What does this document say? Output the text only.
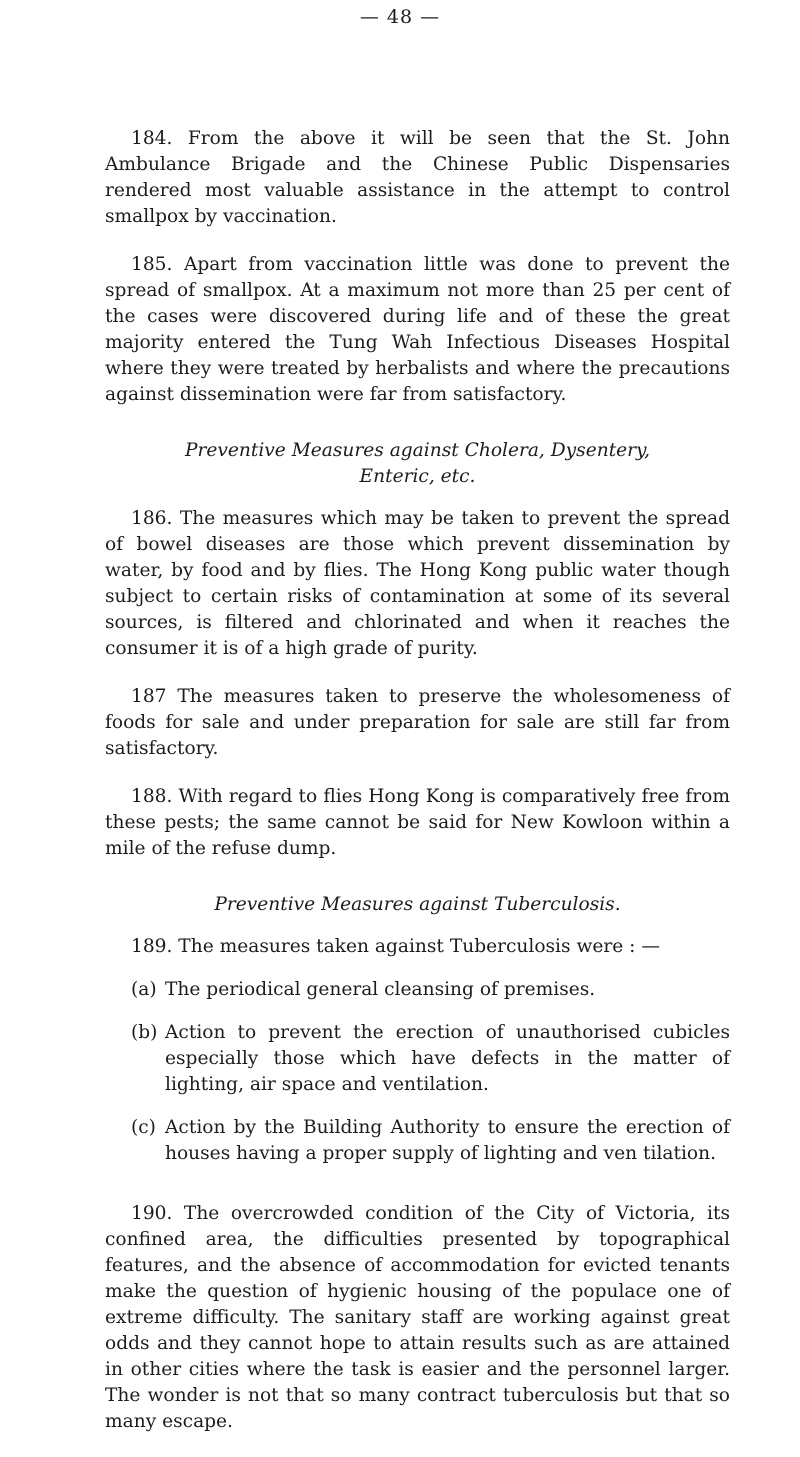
— 48 —

184. From the above it will be seen that the St. John Ambulance Brigade and the Chinese Public Dispensaries rendered most valuable assistance in the attempt to control smallpox by vaccination.

185. Apart from vaccination little was done to prevent the spread of smallpox. At a maximum not more than 25 per cent of the cases were discovered during life and of these the great majority entered the Tung Wah Infectious Diseases Hospital where they were treated by herbalists and where the precautions against dissemination were far from satisfactory.

Preventive Measures against Cholera, Dysentery,
Enteric, etc.

186. The measures which may be taken to prevent the spread of bowel diseases are those which prevent dissemination by water, by food and by flies. The Hong Kong public water though subject to certain risks of contamination at some of its several sources, is filtered and chlorinated and when it reaches the consumer it is of a high grade of purity.

187 The measures taken to preserve the wholesomeness of foods for sale and under preparation for sale are still far from satisfactory.

188. With regard to flies Hong Kong is comparatively free from these pests; the same cannot be said for New Kowloon within a mile of the refuse dump.

Preventive Measures against Tuberculosis.

189. The measures taken against Tuberculosis were : —

(a) The periodical general cleansing of premises.
(b) Action to prevent the erection of unauthorised cubicles especially those which have defects in the matter of lighting, air space and ventilation.
(c) Action by the Building Authority to ensure the erection of houses having a proper supply of lighting and ven tilation.

190. The overcrowded condition of the City of Victoria, its confined area, the difficulties presented by topographical features, and the absence of accommodation for evicted tenants make the question of hygienic housing of the populace one of extreme difficulty. The sanitary staff are working against great odds and they cannot hope to attain results such as are attained in other cities where the task is easier and the personnel larger. The wonder is not that so many contract tuberculosis but that so many escape.
